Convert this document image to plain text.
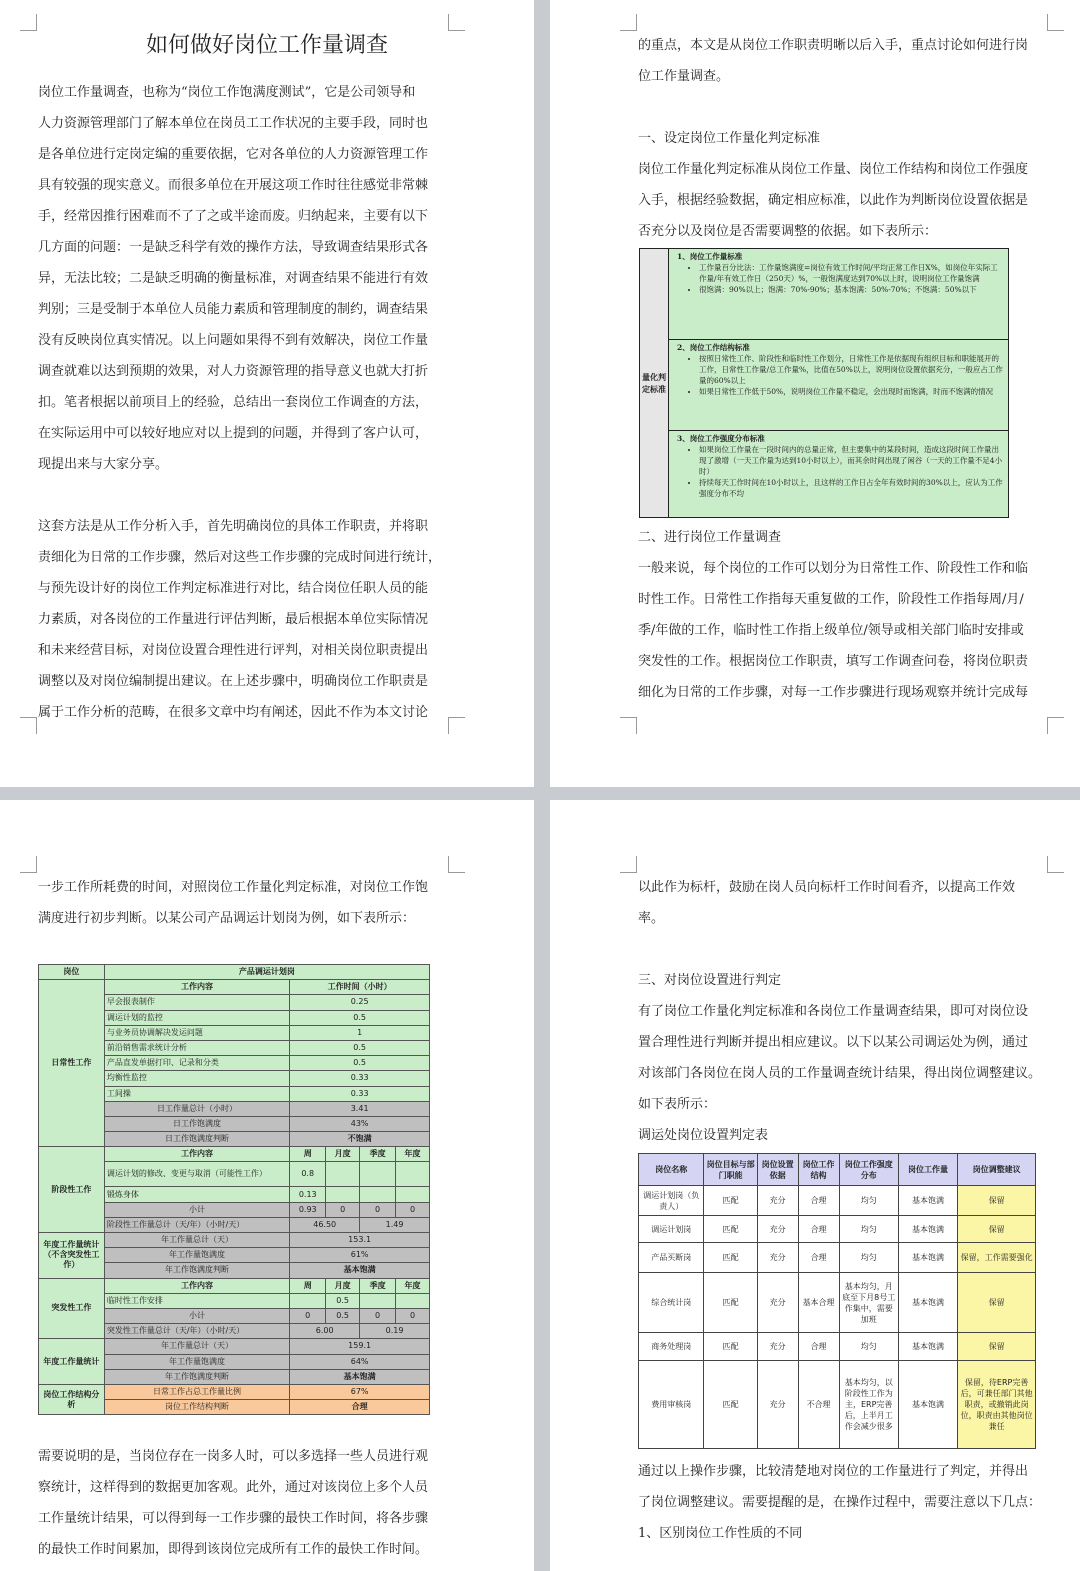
如何做好岗位工作量调查

岗位工作量调查，也称为“岗位工作饱满度测试”，它是公司领导和

人力资源管理部门了解本单位在岗员工工作状况的主要手段，同时也

是各单位进行定岗定编的重要依据，它对各单位的人力资源管理工作

具有较强的现实意义。而很多单位在开展这项工作时往往感觉非常棘

手，经常因推行困难而不了了之或半途而废。归纳起来，主要有以下

几方面的问题：一是缺乏科学有效的操作方法，导致调查结果形式各

异，无法比较；二是缺乏明确的衡量标准，对调查结果不能进行有效

判别；三是受制于本单位人员能力素质和管理制度的制约，调查结果

没有反映岗位真实情况。以上问题如果得不到有效解决，岗位工作量

调查就难以达到预期的效果，对人力资源管理的指导意义也就大打折

扣。笔者根据以前项目上的经验，总结出一套岗位工作调查的方法，

在实际运用中可以较好地应对以上提到的问题，并得到了客户认可，

现提出来与大家分享。

这套方法是从工作分析入手，首先明确岗位的具体工作职责，并将职

责细化为日常的工作步骤，然后对这些工作步骤的完成时间进行统计，

与预先设计好的岗位工作判定标准进行对比，结合岗位任职人员的能

力素质，对各岗位的工作量进行评估判断，最后根据本单位实际情况

和未来经营目标，对岗位设置合理性进行评判，对相关岗位职责提出

调整以及对岗位编制提出建议。在上述步骤中，明确岗位工作职责是

属于工作分析的范畴，在很多文章中均有阐述，因此不作为本文讨论

的重点，本文是从岗位工作职责明晰以后入手，重点讨论如何进行岗

位工作量调查。

一、设定岗位工作量化判定标准

岗位工作量化判定标准从岗位工作量、岗位工作结构和岗位工作强度

入手，根据经验数据，确定相应标准，以此作为判断岗位设置依据是

否充分以及岗位是否需要调整的依据。如下表所示：

量化判定标准
1、岗位工作量标准
• 工作量百分比法：工作量饱满度=岗位有效工作时间/平均正常工作日X%，如岗位年实际工作量/年有效工作日（250天）%，一般饱满度达到70%以上时，说明岗位工作量饱满
• 很饱满：90%以上；饱满：70%-90%；基本饱满：50%-70%；不饱满：50%以下
2、岗位工作结构标准
• 按照日常性工作、阶段性和临时性工作划分，日常性工作是依据现有组织目标和职能展开的工作，日常性工作量/总工作量%，比值在50%以上，说明岗位设置依据充分，一般应占工作量的60%以上
• 如果日常性工作低于50%，说明岗位工作量不稳定，会出现时而饱满，时而不饱满的情况
3、岗位工作强度分布标准
• 如果岗位工作量在一段时间内的总量正常，但主要集中的某段时间，造成这段时间工作量出现了激增（一天工作量为达到10小时以上），而其余时间出现了闲谷（一天的工作量不足4小时）
• 持续每天工作时间在10小时以上，且这样的工作日占全年有效时间的30%以上，应认为工作强度分布不均

二、进行岗位工作量调查

一般来说，每个岗位的工作可以划分为日常性工作、阶段性工作和临

时性工作。日常性工作指每天重复做的工作，阶段性工作指每周/月/

季/年做的工作，临时性工作指上级单位/领导或相关部门临时安排或

突发性的工作。根据岗位工作职责，填写工作调查问卷，将岗位职责

细化为日常的工作步骤，对每一工作步骤进行现场观察并统计完成每

一步工作所耗费的时间，对照岗位工作量化判定标准，对岗位工作饱

满度进行初步判断。以某公司产品调运计划岗为例，如下表所示：

岗位	产品调运计划岗				
日常性工作	工作内容	工作时间（小时）			
	早会报表制作	0.25			
	调运计划的监控	0.5			
	与业务员协调解决发运问题	1			
	前沿销售需求统计分析	0.5			
	产品直发单据打印、记录和分类	0.5			
	均衡性监控	0.33			
	工间操	0.33			
	日工作量总计（小时）	3.41			
	日工作饱满度	43%			
	日工作饱满度判断	不饱满			
阶段性工作	工作内容	周	月度	季度	年度
	调运计划的修改、变更与取消（可能性工作）	0.8			
	锻炼身体	0.13			
	小计	0.93	0	0	0
	阶段性工作量总计（天/年）（小时/天）	46.50		1.49	
年度工作量统计（不含突发性工作）	年工作量总计（天）	153.1			
	年工作量饱满度	61%			
	年工作饱满度判断	基本饱满			
突发性工作	工作内容	周	月度	季度	年度
	临时性工作安排		0.5		
	小计	0	0.5	0	0
	突发性工作量总计（天/年）（小时/天）	6.00		0.19	
年度工作量统计	年工作量总计（天）	159.1			
	年工作量饱满度	64%			
	年工作饱满度判断	基本饱满			
岗位工作结构分析	日常工作占总工作量比例	67%			
	岗位工作结构判断	合理			

需要说明的是，当岗位存在一岗多人时，可以多选择一些人员进行观

察统计，这样得到的数据更加客观。此外，通过对该岗位上多个人员

工作量统计结果，可以得到每一工作步骤的最快工作时间，将各步骤

的最快工作时间累加，即得到该岗位完成所有工作的最快工作时间。

以此作为标杆，鼓励在岗人员向标杆工作时间看齐，以提高工作效

率。

三、对岗位设置进行判定

有了岗位工作量化判定标准和各岗位工作量调查结果，即可对岗位设

置合理性进行判断并提出相应建议。以下以某公司调运处为例，通过

对该部门各岗位在岗人员的工作量调查统计结果，得出岗位调整建议。

如下表所示：

调运处岗位设置判定表

岗位名称	岗位目标与部门职能	岗位设置依据	岗位工作结构	岗位工作强度分布	岗位工作量	岗位调整建议
调运计划岗（负责人）	匹配	充分	合理	均匀	基本饱满	保留
调运计划岗	匹配	充分	合理	均匀	基本饱满	保留
产品买断岗	匹配	充分	合理	均匀	基本饱满	保留，工作需要强化
综合统计岗	匹配	充分	基本合理	基本均匀，月底至下月8号工作集中，需要加班	基本饱满	保留
商务处理岗	匹配	充分	合理	均匀	基本饱满	保留
费用审核岗	匹配	充分	不合理	基本均匀，以阶段性工作为主，ERP完善后，上半月工作会减少很多	基本饱满	保留，待ERP完善后，可兼任部门其他职责，或撤销此岗位，职责由其他岗位兼任

通过以上操作步骤，比较清楚地对岗位的工作量进行了判定，并得出

了岗位调整建议。需要提醒的是，在操作过程中，需要注意以下几点：

1、区别岗位工作性质的不同
